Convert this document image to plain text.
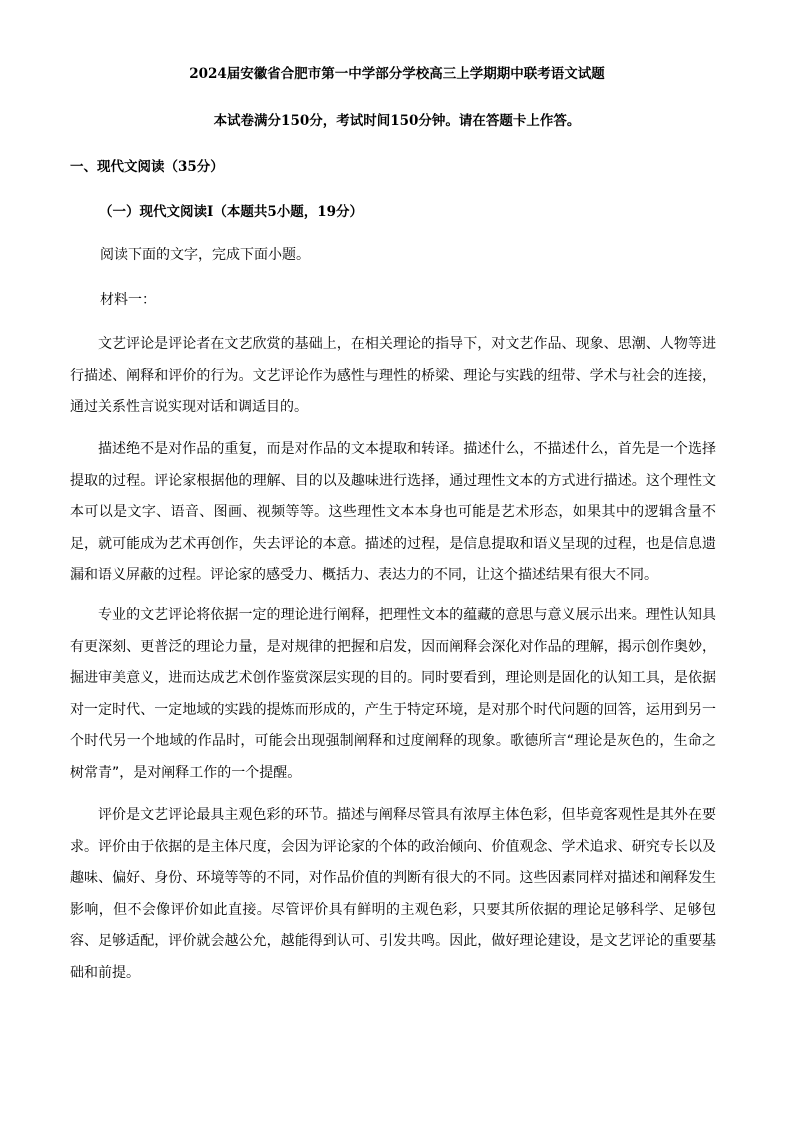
2024届安徽省合肥市第一中学部分学校高三上学期期中联考语文试题
本试卷满分150分，考试时间150分钟。请在答题卡上作答。
一、现代文阅读（35分）
（一）现代文阅读Ⅰ（本题共5小题，19分）
阅读下面的文字，完成下面小题。
材料一：

文艺评论是评论者在文艺欣赏的基础上，在相关理论的指导下，对文艺作品、现象、思潮、人物等进行描述、阐释和评价的行为。文艺评论作为感性与理性的桥梁、理论与实践的纽带、学术与社会的连接，通过关系性言说实现对话和调适目的。

描述绝不是对作品的重复，而是对作品的文本提取和转译。描述什么，不描述什么，首先是一个选择提取的过程。评论家根据他的理解、目的以及趣味进行选择，通过理性文本的方式进行描述。这个理性文本可以是文字、语音、图画、视频等等。这些理性文本本身也可能是艺术形态，如果其中的逻辑含量不足，就可能成为艺术再创作，失去评论的本意。描述的过程，是信息提取和语义呈现的过程，也是信息遗漏和语义屏蔽的过程。评论家的感受力、概括力、表达力的不同，让这个描述结果有很大不同。

专业的文艺评论将依据一定的理论进行阐释，把理性文本的蕴藏的意思与意义展示出来。理性认知具有更深刻、更普泛的理论力量，是对规律的把握和启发，因而阐释会深化对作品的理解，揭示创作奥妙，掘进审美意义，进而达成艺术创作鉴赏深层实现的目的。同时要看到，理论则是固化的认知工具，是依据对一定时代、一定地域的实践的提炼而形成的，产生于特定环境，是对那个时代问题的回答，运用到另一个时代另一个地域的作品时，可能会出现强制阐释和过度阐释的现象。歌德所言“理论是灰色的，生命之树常青”，是对阐释工作的一个提醒。

评价是文艺评论最具主观色彩的环节。描述与阐释尽管具有浓厚主体色彩，但毕竟客观性是其外在要求。评价由于依据的是主体尺度，会因为评论家的个体的政治倾向、价值观念、学术追求、研究专长以及趣味、偏好、身份、环境等等的不同，对作品价值的判断有很大的不同。这些因素同样对描述和阐释发生影响，但不会像评价如此直接。尽管评价具有鲜明的主观色彩，只要其所依据的理论足够科学、足够包容、足够适配，评价就会越公允，越能得到认可、引发共鸣。因此，做好理论建设，是文艺评论的重要基础和前提。
